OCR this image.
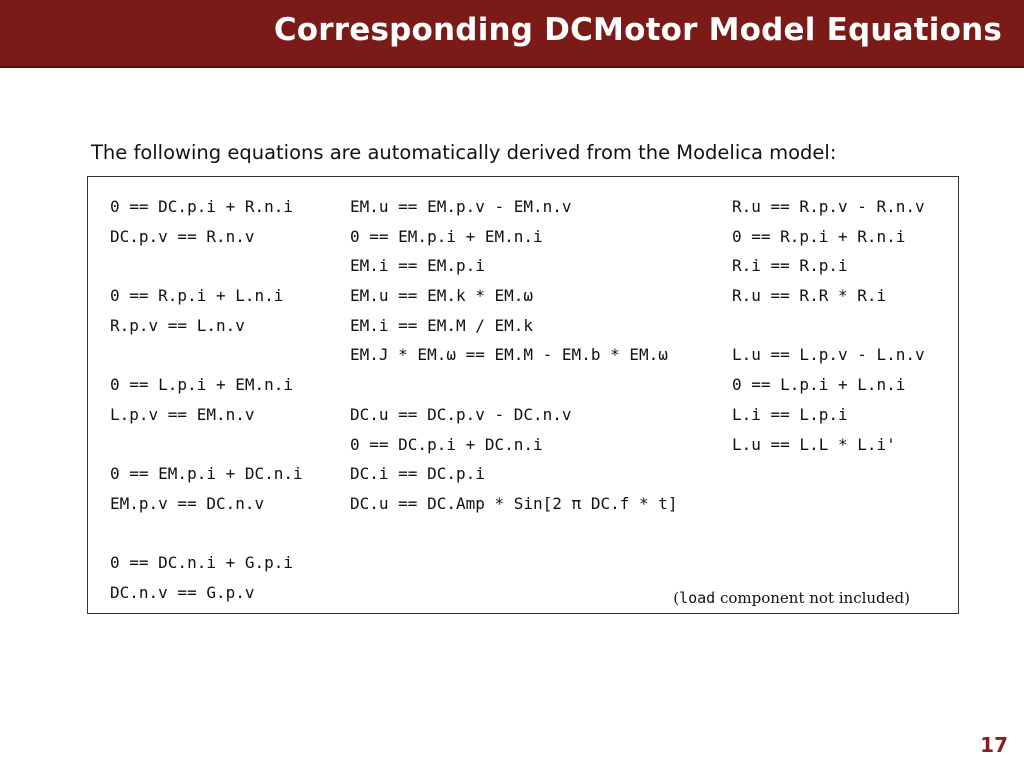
Corresponding DCMotor Model Equations
The following equations are automatically derived from the Modelica model:
0 == DC.p.i + R.n.i
DC.p.v == R.n.v
0 == R.p.i + L.n.i
R.p.v == L.n.v
0 == L.p.i + EM.n.i
L.p.v == EM.n.v
0 == EM.p.i + DC.n.i
EM.p.v == DC.n.v
0 == DC.n.i + G.p.i
DC.n.v == G.p.v
EM.u == EM.p.v - EM.n.v
0 == EM.p.i + EM.n.i
EM.i == EM.p.i
EM.u == EM.k * EM.ω
EM.i == EM.M / EM.k
EM.J * EM.ω == EM.M - EM.b * EM.ω
DC.u == DC.p.v - DC.n.v
0 == DC.p.i + DC.n.i
DC.i == DC.p.i
DC.u == DC.Amp * Sin[2 π DC.f * t]
R.u == R.p.v - R.n.v
0 == R.p.i + R.n.i
R.i == R.p.i
R.u == R.R * R.i
L.u == L.p.v - L.n.v
0 == L.p.i + L.n.i
L.i == L.p.i
L.u == L.L * L.i'
(load component not included)
17
